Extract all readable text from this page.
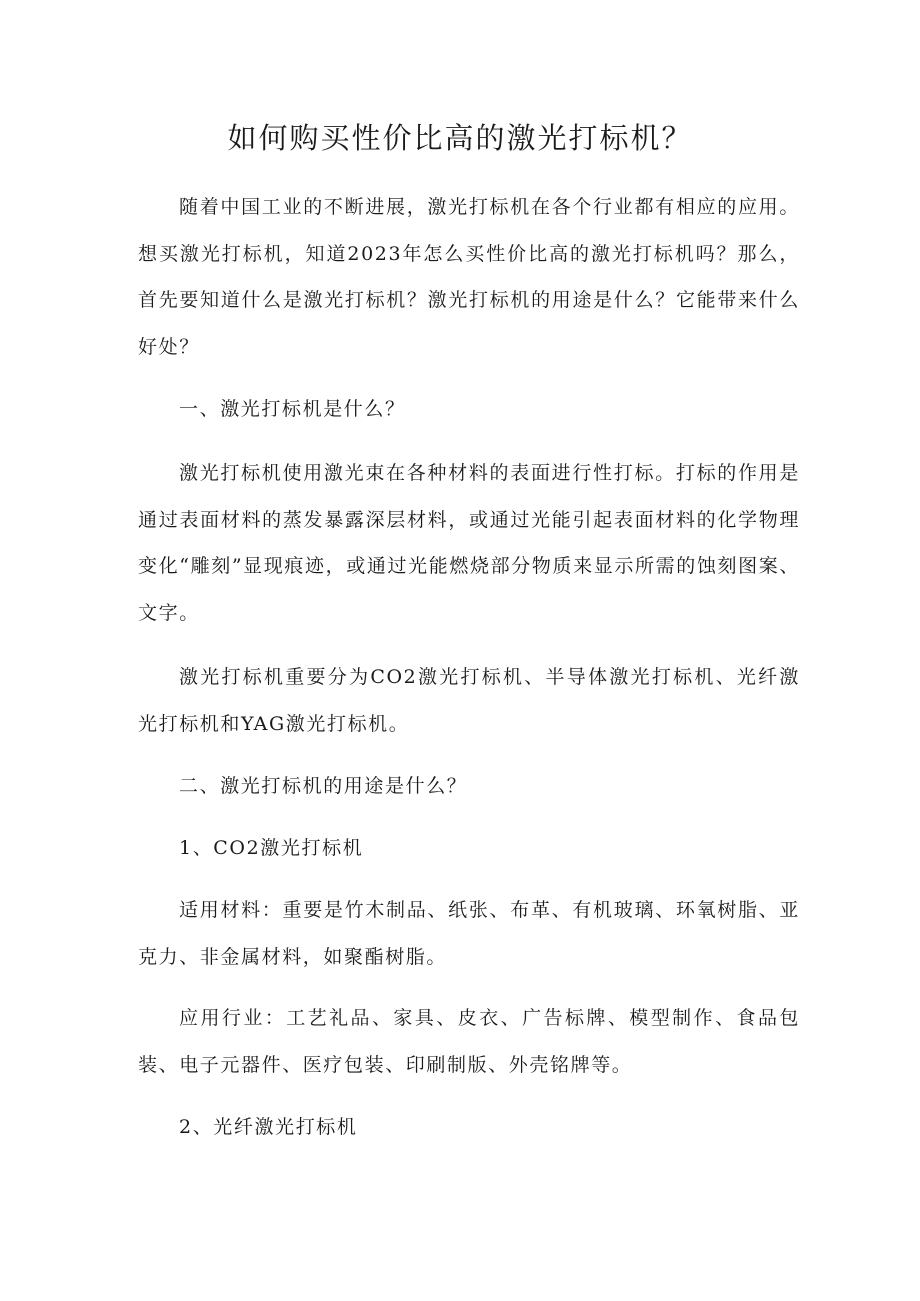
如何购买性价比高的激光打标机？

随着中国工业的不断进展，激光打标机在各个行业都有相应的应用。想买激光打标机，知道2023年怎么买性价比高的激光打标机吗？那么，首先要知道什么是激光打标机？激光打标机的用途是什么？它能带来什么好处？

一、激光打标机是什么？

激光打标机使用激光束在各种材料的表面进行性打标。打标的作用是通过表面材料的蒸发暴露深层材料，或通过光能引起表面材料的化学物理变化“雕刻”显现痕迹，或通过光能燃烧部分物质来显示所需的蚀刻图案、文字。

激光打标机重要分为CO2激光打标机、半导体激光打标机、光纤激光打标机和YAG激光打标机。

二、激光打标机的用途是什么？

1、CO2激光打标机

适用材料：重要是竹木制品、纸张、布革、有机玻璃、环氧树脂、亚克力、非金属材料，如聚酯树脂。

应用行业：工艺礼品、家具、皮衣、广告标牌、模型制作、食品包装、电子元器件、医疗包装、印刷制版、外壳铭牌等。

2、光纤激光打标机
